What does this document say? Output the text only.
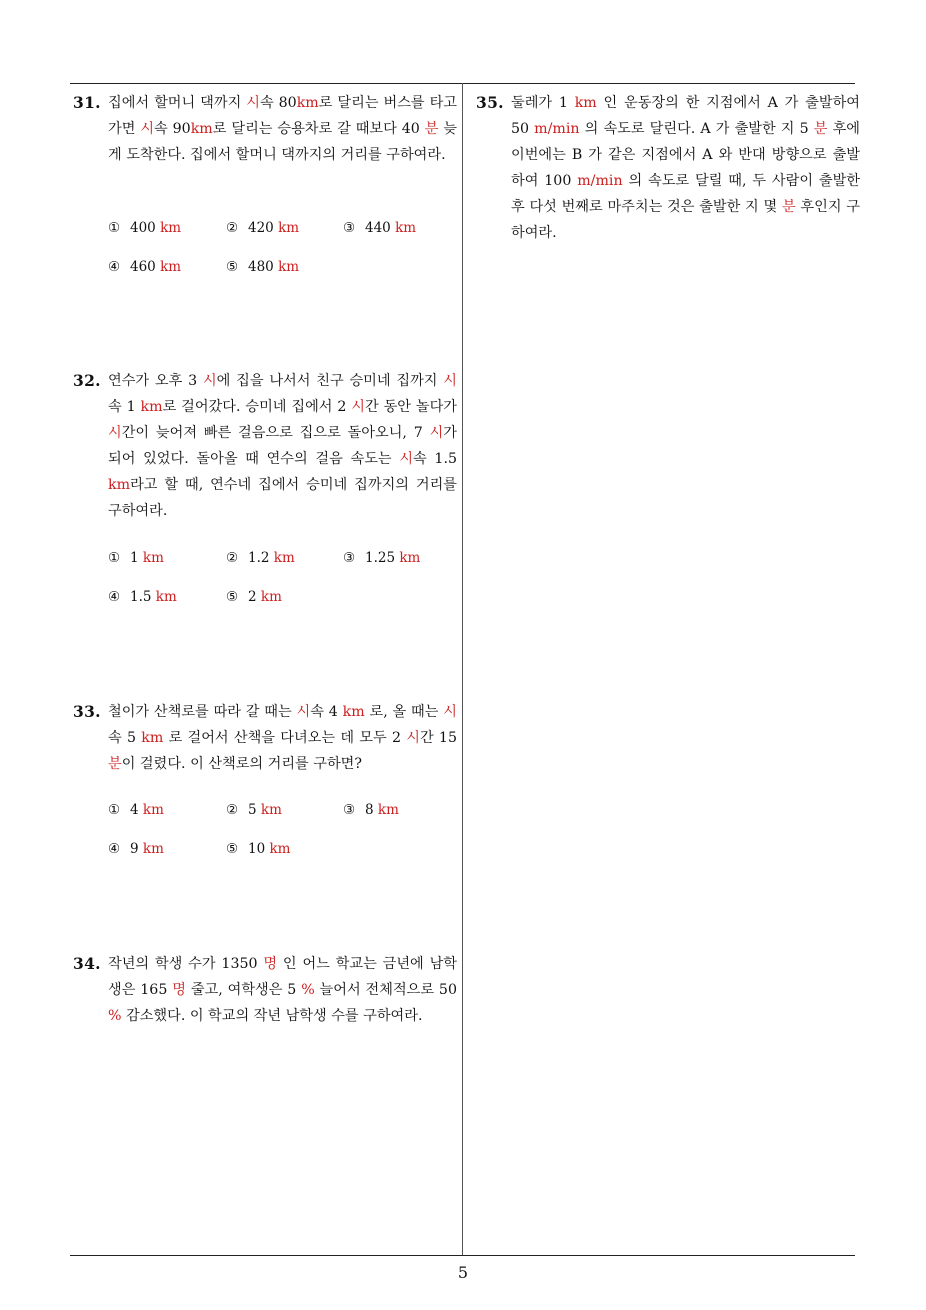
31. 집에서 할머니 댁까지 시속 80km로 달리는 버스를 타고 가면 시속 90km로 달리는 승용차로 갈 때보다 40 분 늦게 도착한다. 집에서 할머니 댁까지의 거리를 구하여라.
① 400 km	② 420 km	③ 440 km
④ 460 km	⑤ 480 km
32. 연수가 오후 3 시에 집을 나서서 친구 승미네 집까지 시속 1 km로 걸어갔다. 승미네 집에서 2 시간 동안 놀다가 시간이 늦어져 빠른 걸음으로 집으로 돌아오니, 7 시가 되어 있었다. 돌아올 때 연수의 걸음 속도는 시속 1.5 km라고 할 때, 연수네 집에서 승미네 집까지의 거리를 구하여라.
① 1 km	② 1.2 km	③ 1.25 km
④ 1.5 km	⑤ 2 km
33. 철이가 산책로를 따라 갈 때는 시속 4 km 로, 올 때는 시속 5 km 로 걸어서 산책을 다녀오는 데 모두 2 시간 15 분이 걸렸다. 이 산책로의 거리를 구하면?
① 4 km	② 5 km	③ 8 km
④ 9 km	⑤ 10 km
34. 작년의 학생 수가 1350 명 인 어느 학교는 금년에 남학생은 165 명 줄고, 여학생은 5 % 늘어서 전체적으로 50 % 감소했다. 이 학교의 작년 남학생 수를 구하여라.
35. 둘레가 1 km 인 운동장의 한 지점에서 A 가 출발하여 50 m/min 의 속도로 달린다. A 가 출발한 지 5 분 후에 이번에는 B 가 같은 지점에서 A 와 반대 방향으로 출발하여 100 m/min 의 속도로 달릴 때, 두 사람이 출발한 후 다섯 번째로 마주치는 것은 출발한 지 몇 분 후인지 구하여라.
5
